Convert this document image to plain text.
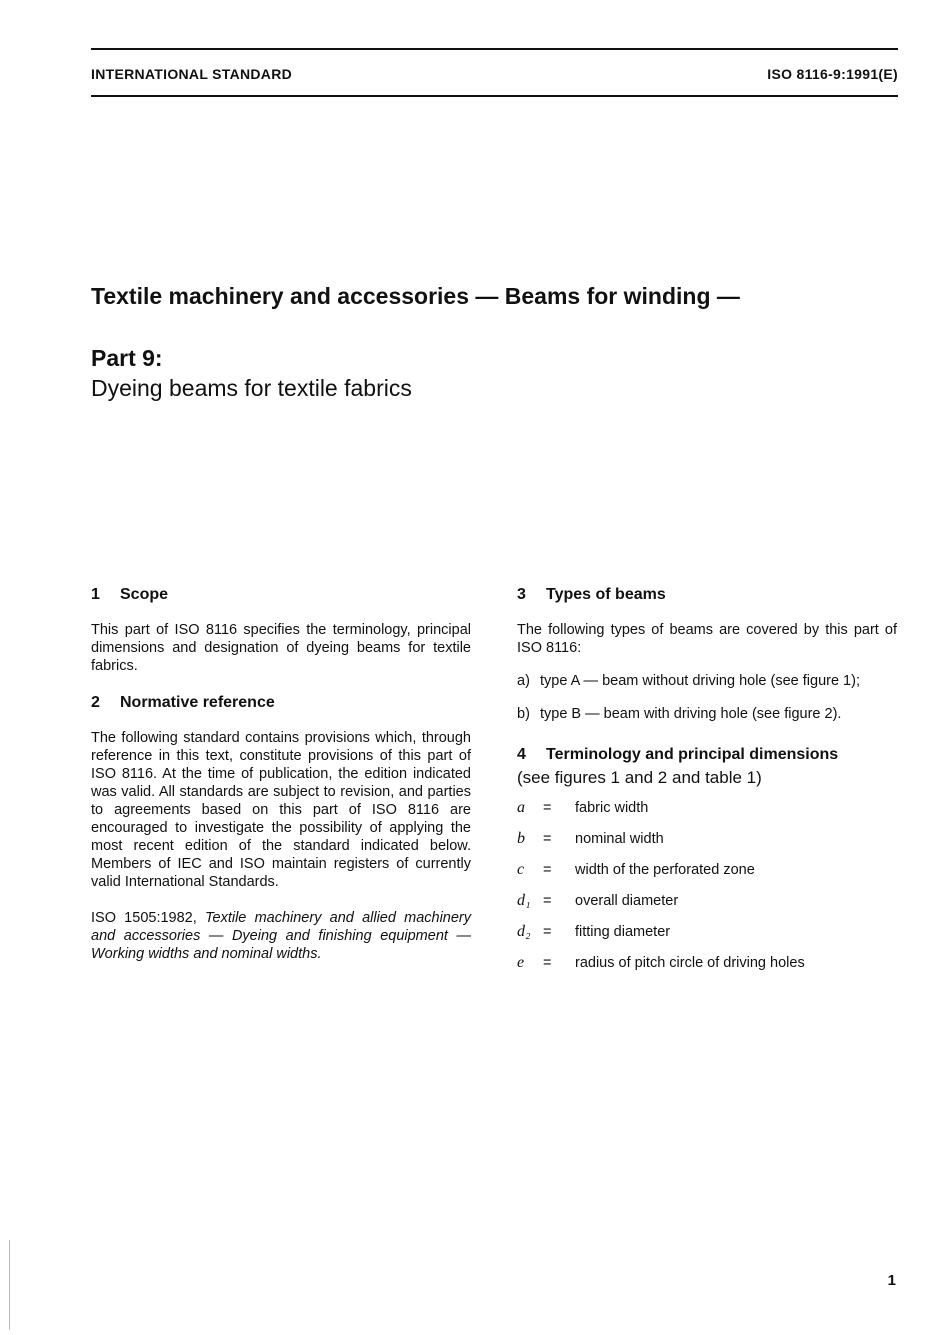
INTERNATIONAL STANDARD	ISO 8116-9:1991(E)
Textile machinery and accessories — Beams for winding —
Part 9:
Dyeing beams for textile fabrics
1 Scope

This part of ISO 8116 specifies the terminology, principal dimensions and designation of dyeing beams for textile fabrics.

2 Normative reference

The following standard contains provisions which, through reference in this text, constitute provisions of this part of ISO 8116. At the time of publication, the edition indicated was valid. All standards are subject to revision, and parties to agreements based on this part of ISO 8116 are encouraged to investigate the possibility of applying the most recent edition of the standard indicated below. Members of IEC and ISO maintain registers of currently valid International Standards.

ISO 1505:1982, Textile machinery and allied machinery and accessories — Dyeing and finishing equipment — Working widths and nominal widths.

3 Types of beams

The following types of beams are covered by this part of ISO 8116:

a) type A — beam without driving hole (see figure 1);
b) type B — beam with driving hole (see figure 2).
4 Terminology and principal dimensions
(see figures 1 and 2 and table 1)
a	=	fabric width
b	=	nominal width
c	=	width of the perforated zone
d₁ =	overall diameter
d₂ =	fitting diameter
e	=	radius of pitch circle of driving holes
1
